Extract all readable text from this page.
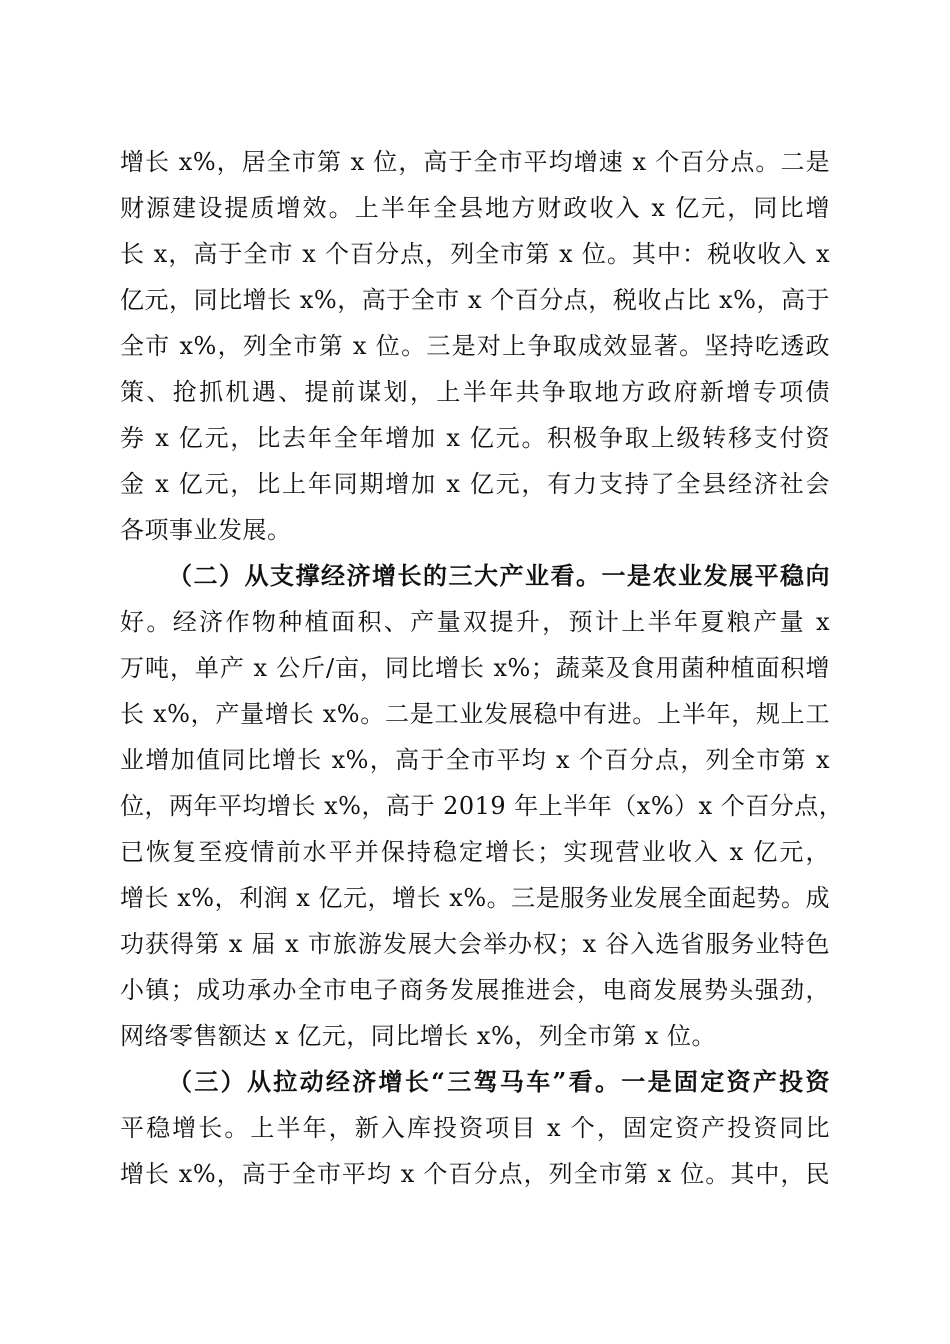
增长 x%，居全市第 x 位，高于全市平均增速 x 个百分点。二是
财源建设提质增效。上半年全县地方财政收入 x 亿元，同比增
长 x，高于全市 x 个百分点，列全市第 x 位。其中：税收收入 x
亿元，同比增长 x%，高于全市 x 个百分点，税收占比 x%，高于
全市 x%，列全市第 x 位。三是对上争取成效显著。坚持吃透政
策、抢抓机遇、提前谋划，上半年共争取地方政府新增专项债
券 x 亿元，比去年全年增加 x 亿元。积极争取上级转移支付资
金 x 亿元，比上年同期增加 x 亿元，有力支持了全县经济社会
各项事业发展。
（二）从支撑经济增长的三大产业看。一是农业发展平稳向
好。经济作物种植面积、产量双提升，预计上半年夏粮产量 x
万吨，单产 x 公斤/亩，同比增长 x%；蔬菜及食用菌种植面积增
长 x%，产量增长 x%。二是工业发展稳中有进。上半年，规上工
业增加值同比增长 x%，高于全市平均 x 个百分点，列全市第 x
位，两年平均增长 x%，高于 2019 年上半年（x%）x 个百分点，
已恢复至疫情前水平并保持稳定增长；实现营业收入 x 亿元，
增长 x%，利润 x 亿元，增长 x%。三是服务业发展全面起势。成
功获得第 x 届 x 市旅游发展大会举办权；x 谷入选省服务业特色
小镇；成功承办全市电子商务发展推进会，电商发展势头强劲，
网络零售额达 x 亿元，同比增长 x%，列全市第 x 位。
（三）从拉动经济增长“三驾马车”看。一是固定资产投资
平稳增长。上半年，新入库投资项目 x 个，固定资产投资同比
增长 x%，高于全市平均 x 个百分点，列全市第 x 位。其中，民
